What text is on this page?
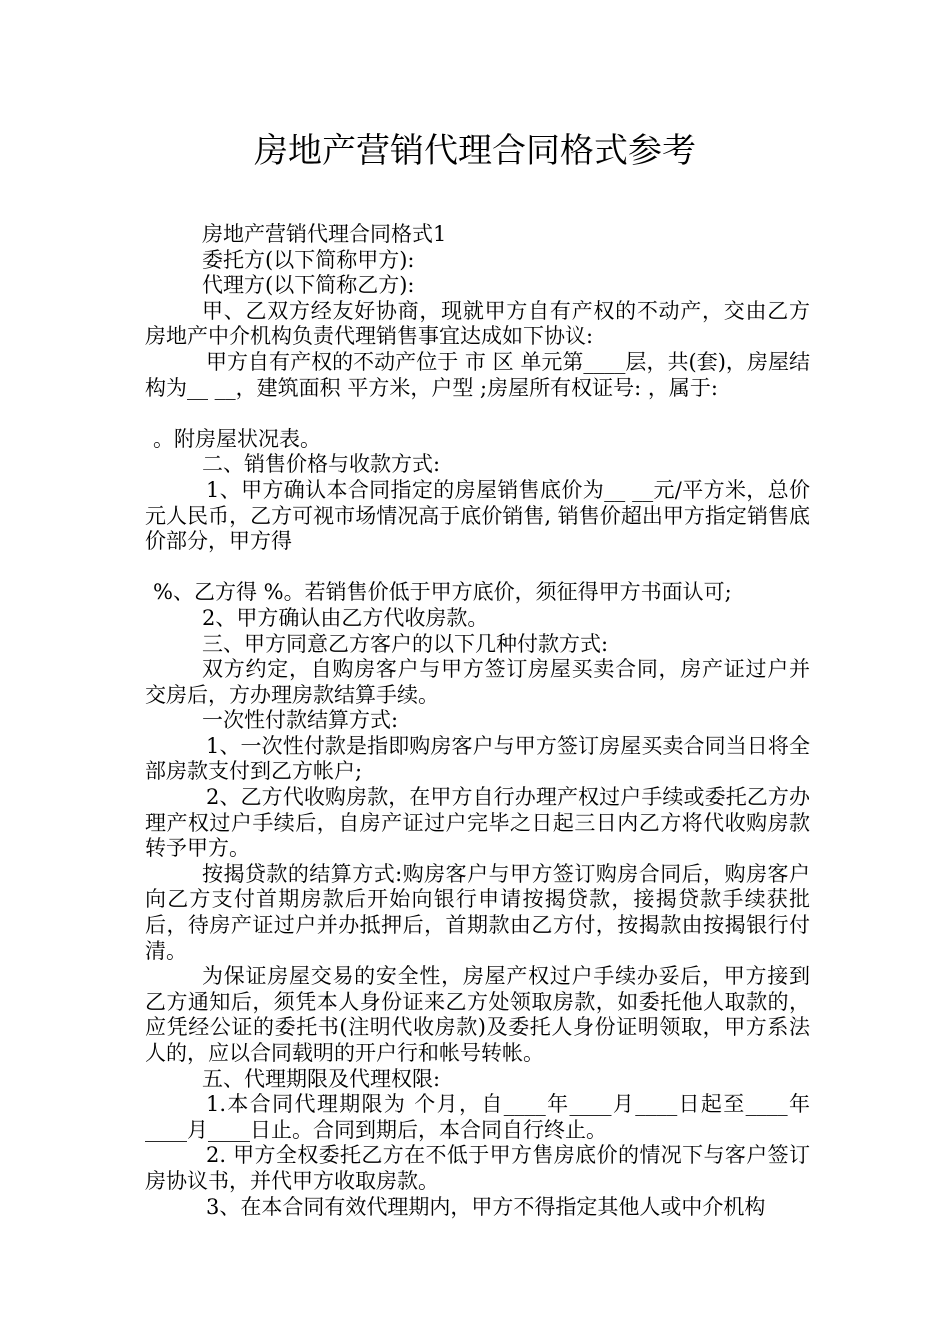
房地产营销代理合同格式参考

房地产营销代理合同格式1

委托方(以下简称甲方):

代理方(以下简称乙方):

甲、乙双方经友好协商，现就甲方自有产权的不动产，交由乙方房地产中介机构负责代理销售事宜达成如下协议:

甲方自有产权的不动产位于 市 区 单元第____层，共(套)，房屋结构为__ __，建筑面积 平方米，户型 ;房屋所有权证号: ，属于:

。附房屋状况表。

二、销售价格与收款方式:

1、甲方确认本合同指定的房屋销售底价为__ __元/平方米，总价 元人民币，乙方可视市场情况高于底价销售, 销售价超出甲方指定销售底价部分，甲方得

%、乙方得 %。若销售价低于甲方底价，须征得甲方书面认可;

2、甲方确认由乙方代收房款。

三、甲方同意乙方客户的以下几种付款方式:

双方约定，自购房客户与甲方签订房屋买卖合同，房产证过户并交房后，方办理房款结算手续。

一次性付款结算方式:

1、一次性付款是指即购房客户与甲方签订房屋买卖合同当日将全部房款支付到乙方帐户;

2、乙方代收购房款，在甲方自行办理产权过户手续或委托乙方办理产权过户手续后，自房产证过户完毕之日起三日内乙方将代收购房款转予甲方。

按揭贷款的结算方式:购房客户与甲方签订购房合同后，购房客户向乙方支付首期房款后开始向银行申请按揭贷款，接揭贷款手续获批后，待房产证过户并办抵押后，首期款由乙方付，按揭款由按揭银行付清。

为保证房屋交易的安全性，房屋产权过户手续办妥后，甲方接到乙方通知后，须凭本人身份证来乙方处领取房款，如委托他人取款的，应凭经公证的委托书(注明代收房款)及委托人身份证明领取，甲方系法人的，应以合同载明的开户行和帐号转帐。

五、代理期限及代理权限:

1.本合同代理期限为 个月，自____年____月____日起至____年____月____日止。合同到期后，本合同自行终止。

2. 甲方全权委托乙方在不低于甲方售房底价的情况下与客户签订房协议书，并代甲方收取房款。

3、在本合同有效代理期内，甲方不得指定其他人或中介机构
